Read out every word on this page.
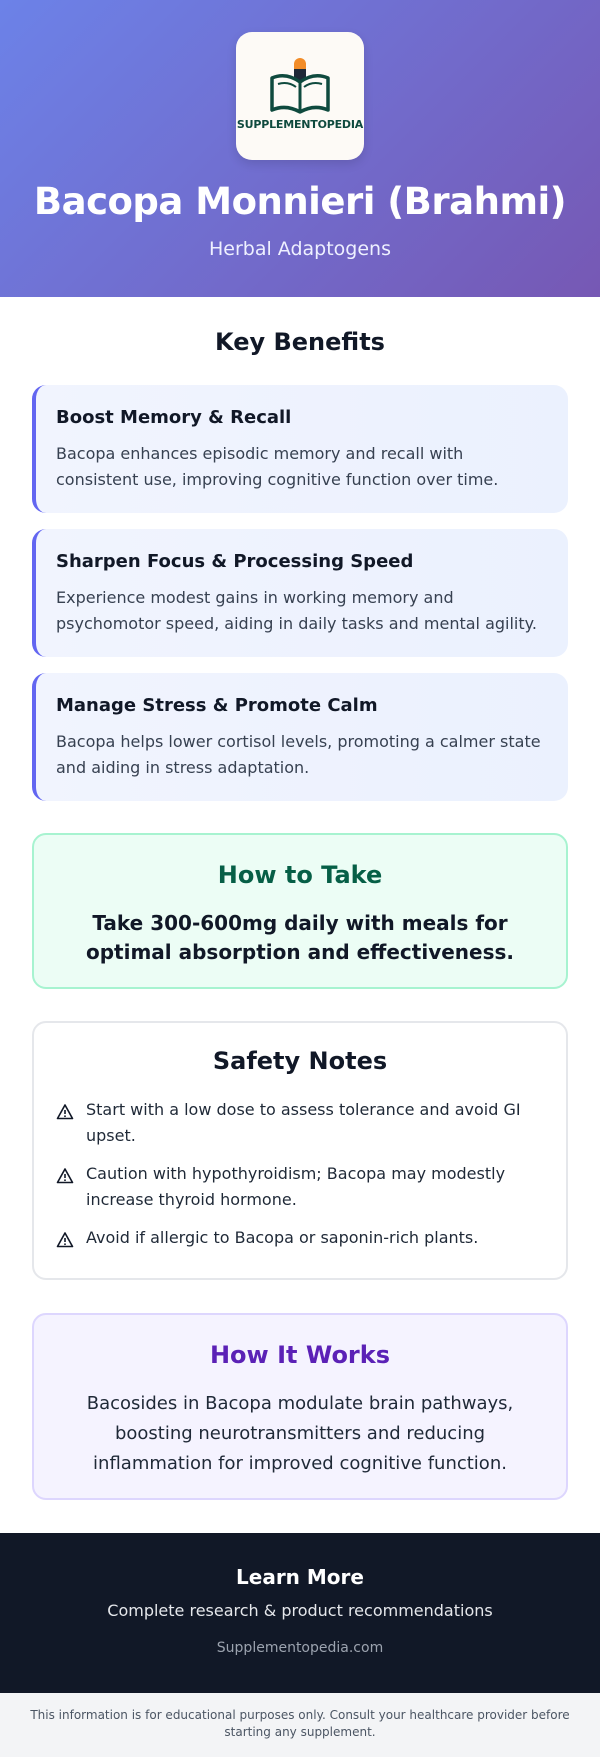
SUPPLEMENTOPEDIA
Bacopa Monnieri (Brahmi)
Herbal Adaptogens
Key Benefits
Boost Memory & Recall

Bacopa enhances episodic memory and recall with consistent use, improving cognitive function over time.

Sharpen Focus & Processing Speed

Experience modest gains in working memory and psychomotor speed, aiding in daily tasks and mental agility.

Manage Stress & Promote Calm

Bacopa helps lower cortisol levels, promoting a calmer state and aiding in stress adaptation.

How to Take

Take 300-600mg daily with meals for optimal absorption and effectiveness.

Safety Notes

Start with a low dose to assess tolerance and avoid GI upset.

Caution with hypothyroidism; Bacopa may modestly increase thyroid hormone.

Avoid if allergic to Bacopa or saponin-rich plants.

How It Works

Bacosides in Bacopa modulate brain pathways, boosting neurotransmitters and reducing inflammation for improved cognitive function.

Learn More
Complete research & product recommendations
Supplementopedia.com

This information is for educational purposes only. Consult your healthcare provider before starting any supplement.
